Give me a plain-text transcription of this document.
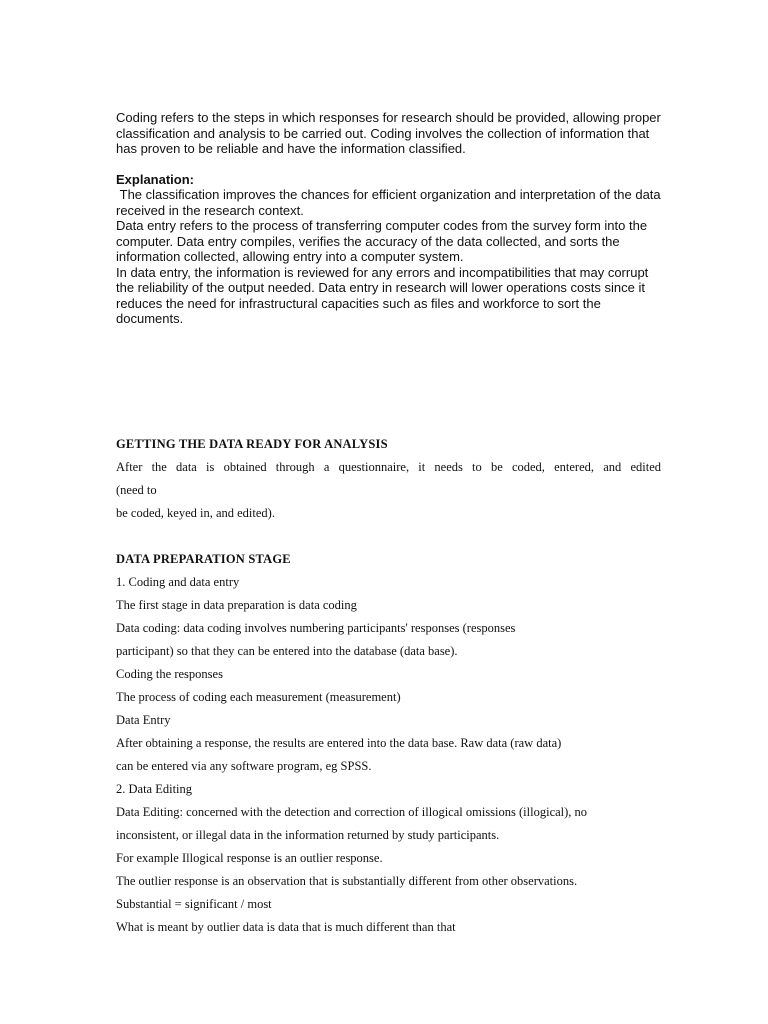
Coding refers to the steps in which responses for research should be provided, allowing proper classification and analysis to be carried out. Coding involves the collection of information that has proven to be reliable and have the information classified.

Explanation:

The classification improves the chances for efficient organization and interpretation of the data received in the research context.

Data entry refers to the process of transferring computer codes from the survey form into the computer. Data entry compiles, verifies the accuracy of the data collected, and sorts the information collected, allowing entry into a computer system.

In data entry, the information is reviewed for any errors and incompatibilities that may corrupt the reliability of the output needed. Data entry in research will lower operations costs since it reduces the need for infrastructural capacities such as files and workforce to sort the documents.

GETTING THE DATA READY FOR ANALYSIS

After the data is obtained through a questionnaire, it needs to be coded, entered, and edited

(need to

be coded, keyed in, and edited).

DATA PREPARATION STAGE

1. Coding and data entry

The first stage in data preparation is data coding

Data coding: data coding involves numbering participants' responses (responses

participant) so that they can be entered into the database (data base).

Coding the responses

The process of coding each measurement (measurement)

Data Entry

After obtaining a response, the results are entered into the data base. Raw data (raw data)

can be entered via any software program, eg SPSS.

2. Data Editing

Data Editing: concerned with the detection and correction of illogical omissions (illogical), no

inconsistent, or illegal data in the information returned by study participants.

For example Illogical response is an outlier response.

The outlier response is an observation that is substantially different from other observations.

Substantial = significant / most

What is meant by outlier data is data that is much different than that
